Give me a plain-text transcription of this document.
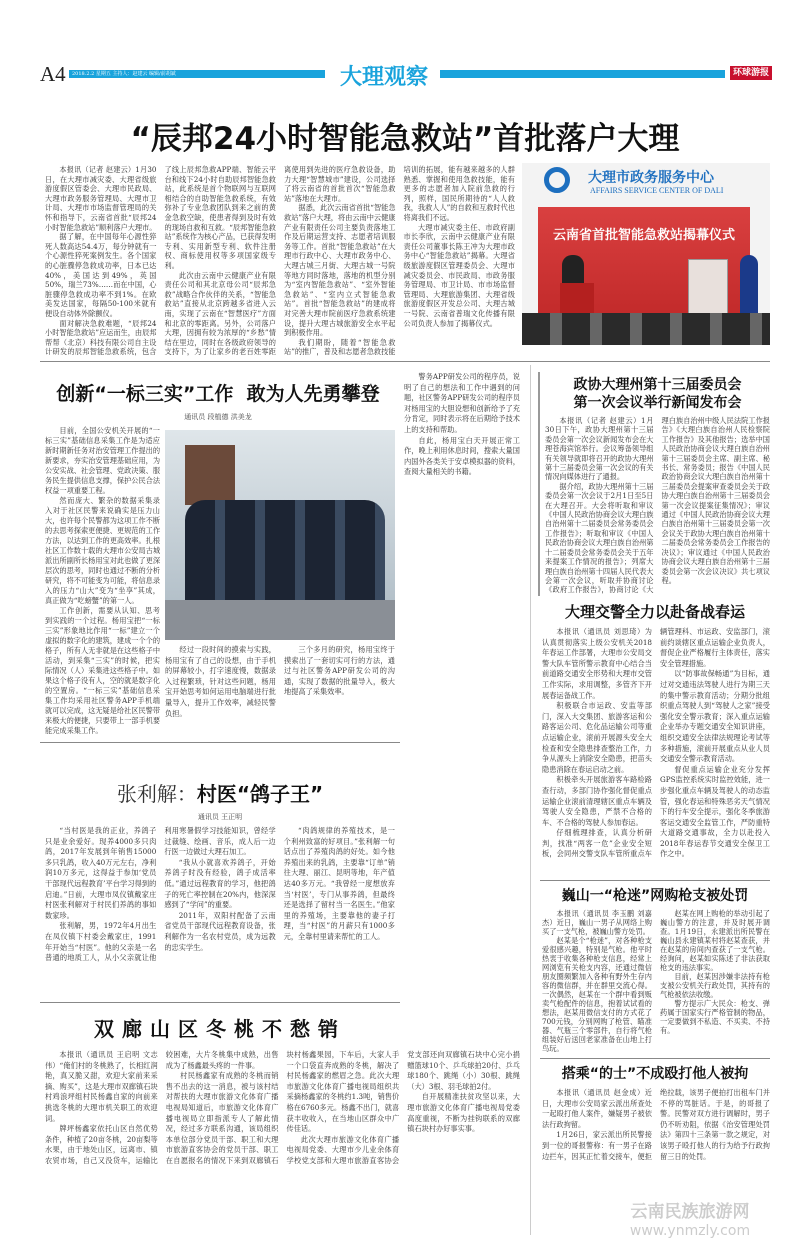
A4 2018.2.2 星期五 主持人：赵建云 编辑/前胡斌	大理观察	环球游报
“辰邦24小时智能急救站”首批落户大理

本报讯（记者 赵建云）1月30日，在大理市减灾委、大理省级旅游度假区管委会、大理市民政局、大理市政务服务管理局、大理市卫计局、大理市市场监督管理局的关怀和指导下，云南省首批“辰邦24小时智能急救站”顺利落户大理市。

据了解，在中国每年心源性猝死人数高达54.4万，每分钟就有一个心源性猝死案例发生。各个国家的心脏骤停急救成功率，日本已达40%，美国达到49%，英国50%，瑞兰73%……而在中国，心脏骤停急救成功率不到1%。在欧美发达国家，每隔50-100米就有便设自动体外除颤仪。

面对解决急救难题，“辰邦24小时智能急救站”应运而生，由辰邦帮帮（北京）科技有限公司自主设计研发的辰邦智能急救系统，包含了线上辰邦急救APP端、智能云平台和线下24小时自助辰邦智能急救站，此系统是首个物联网与互联网相结合的自助智能急救系统，有效弥补了专业急救团队到来之前的黄金急救空缺，使患者得到及时有效的现场自救和互救。“辰邦智能急救站”系统作为核心产品，已获得发明专利、实用新型专利、软件注册权、商标使用权等多项国家级专利。

此次由云南中云健康产业有限责任公司和其北京母公司“辰邦急救”战略合作伙伴的关系，“智能急救站”直接从北京跨越多省进入云南，实现了云南在“智慧医疗”方面和北京的零距离。另外，公司落户大理，因拥有较为浓厚的“乡愁”情结在里边，同时在各级政府领导的支持下，为了让家乡的老百姓零距离使用到先进的医疗急救设备，助力大理“智慧城市”建设，公司选择了将云南省的首批首次“智能急救站”落地在大理市。

据悉，此次云南省首批“智能急救站”落户大理，将由云南中云健康产业有限责任公司主要负责落地工作及后期运营支持、志愿者培训服务等工作。首批“智能急救站”在大理市行政中心、大理市政务中心、大理古城三月街、大理古城一号院等地方同时落地，落地的机型分别为“室内智能急救站”、“室外智能急救站”、“室内立式智能急救站”。首批“智能急救站”的建成将对完善大理市院前医疗急救系统建设，提升大理古城旅游安全水平起到积极作用。

我们期盼，随着“智能急救站”的推广，普及和志愿者急救技能培训的拓展，能有越来越多的人群熟悉、掌握和使用急救技能，能有更多的志愿者加入院前急救的行列，照样，国民所期待的“人人救我，我救人人”的自救和互救时代也将离我们不远。

大理市减灾委主任、市政府副市长李欣，云南中云健康产业有限责任公司董事长陈王冲为大理市政务中心“智能急救站”揭幕。大理省级旅游度假区管理委员会、大理市减灾委员会、市民政局、市政务服务管理局、市卫计局、市市场监督管理局、大理旅游集团、大理省级旅游度假区开发总公司、大理古城一号院、云南省普瑞文化传播有限公司负责人参加了揭幕仪式。

大理市政务服务中心
AFFAIRS SERVICE CENTER OF DALI
云南省首批智能急救站揭幕仪式
创新“一标三实”工作  敢为人先勇攀登
通讯员 段植德 洪美龙

目前，全国公安机关开展的“一标三实”基础信息采集工作是为适应新时期新任务对治安管理工作提出的新要求，夯实治安管理基础应用，为公安实战、社会管理、党政决策、服务民生提供信息支撑，保护公民合法权益一项重要工程。

然而庞大、繁杂的数据采集录入对于社区民警来说确实是压力山大，也许每个民警都为这项工作不断的去思考探索更便捷、更规范的工作方法，以达到工作的更高效率。扎根社区工作数十载的大理市公安局古城派出所副所长杨用宝对此也做了更深层次的思考，同时也通过不断的分析研究，将不可能变为可能，将信息录入的压力“山大”变为“坐享”其成，真正做为“吃螃蟹”的第一人。

工作创新，需要从认知、思考到实践的一个过程。杨用宝把“一标三实”形象地比作用“一标”建立一个虚拟的数字化的建筑，建成一个个的格子，所有人无非就是在这些格子中活动，到采集“三实”的时候，把实际情况（人）采集进这些格子中。如果这个格子没有人，空的就是数字化的空置房。“一标三实”基础信息采集工作均采用社区警务APP手机端就可以完成，这无疑是给社区民警带来极大的便捷，只要带上一部手机要能完成采集工作。

经过一段时间的摸索与实践，杨用宝有了自己的设想，由于手机的屏幕较小，打字速度慢，数据录入过程繁琐，针对这些问题，杨用宝开始思考如何运用电脑端进行批量导入，提升工作效率，减轻民警负担。

三个多月的研究，杨用宝终于摸索出了一套切实可行的方法，通过与社区警务APP研发公司的沟通，实现了数据的批量导入，极大地提高了采集效率。

警务APP研发公司的程序员，说明了自己的想法和工作中遇到的问题，社区警务APP研发公司的程序员对杨用宝的大胆设想和创新给予了充分肯定，同时表示将在后期给予技术上的支持和帮助。

自此，杨用宝白天开展正常工作，晚上利用休息时间，搜索大量国内国外各类关于安卓模拟器的资料，查阅大量相关的书籍。

张利解：村医“鸽子王”
通讯员 王正明

“当村医是我的正业，养鸽子只是业余爱好。现养4000多只肉鸽，2017年发展到年销售15000多只乳鸽，收入40万元左右，净利润10万多元，这得益于参加‘党员干部现代远程教育’平台学习得到的启迪。”日前，大理市凤仪镇戴家庄村医张利解对于村民们养鸽的事如数家珍。

张利解，男，1972年4月出生在凤仪镇下村委会戴家庄，1991年开始当“村医”。他的父亲是一名普通的地质工人，从小父亲就让他利用寒暑假学习技能知识，曾经学过裁缝、绘画、音乐，成人后一边行医一边做过大理石加工。

“我从小就喜欢养鸽子，开始养鸽子时没有经验，鸽子成活率低。”通过远程教育的学习，他把鸽子的死亡率控制在20%内，他深深感到了“学问”的重要。

2011年，双阳村配备了云南省党员干部现代远程教育设备，张利解作为一名农村党员，成为远教的忠实学生。

“肉鸽规律的养殖技术，是一个利州致富的好项目。”张利解一句话点出了养殖肉鸽的好处。如今他养殖出来的乳鸽，主要靠“订单”销往大理、丽江、昆明等地，年产值达40多万元。“我曾经一度想放弃当‘村医’，专门从事养鸽，但最终还是选择了留村当一名医生。”他家里的养殖场，主要靠他的妻子打理，当“村医”的月薪只有1000多元，全靠村里请来帮忙的工人。

双廊山区冬桃不愁销

本报讯（通讯员 王启明 文志伟）“俺们村的冬桃熟了，长相红润艳，真又脆又甜，欢迎大家前来采摘、购买”，这是大理市双廊镇石块村鸡浪坪组村民杨鑫自家的向前来挑选冬桃的大理市机关职工的欢迎词。

牌坪杨鑫家依托山区自然优势条件，种植了20亩冬桃，20亩梨等水果，由于地处山区，远离市、镇农贸市场，自己又没货车，运输比较困难，大片冬桃集中成熟，出售成为了杨鑫最头疼的一件事。

村民杨鑫家有成熟的冬桃而销售不出去的这一消息，被与该村结对帮扶的大理市旅游文化体育广播电视局知道后，市旅游文化体育广播电视局立即指派专人了解此情况，经过多方联系沟通，该局组织本单位部分党员干部、职工和大理市旅游直客协会的党员干部、职工在自愿报名的情况下来到双廊镇石块村杨鑫果园，下车后，大家人手一个口袋直奔成熟的冬桃，解决了村民杨鑫家的燃眉之急。此次大理市旅游文化体育广播电视局组织共采摘杨鑫家的冬桃约1.3吨，销售价格在6760多元。杨鑫不出门，就喜获丰收收入，在当地山区群众中广传佳话。

此次大理市旅游文化体育广播电视局党委、大理市少儿业余体育学校党支部和大理市旅游直客协会党支部还向双廊镇石块中心完小捐赠篮球10个、乒乓球拍20付、乒乓球180个、跳绳（小）30根、跳绳（大）3根、羽毛球拍2付。

自开展精准扶贫攻坚以来，大理市旅游文化体育广播电视局党委高度重视，不断为挂钩联系的双廊镇石块村办好事实事。

政协大理州第十三届委员会
第一次会议举行新闻发布会

本报讯（记者 赵建云）1月30日下午，政协大理州第十三届委员会第一次会议新闻发布会在大理苍海宾馆举行。会议筹备领导组有关领导就即将召开的政协大理州第十三届委员会第一次会议的有关情况向媒体进行了通报。

据介绍，政协大理州第十三届委员会第一次会议于2月1日至5日在大理召开。大会将听取和审议《中国人民政治协商会议大理白族自治州第十二届委员会常务委员会工作报告》；听取和审议《中国人民政治协商会议大理白族自治州第十二届委员会常务委员会关于五年来提案工作情况的报告》；列席大理白族自治州第十四届人民代表大会第一次会议，听取并协商讨论《政府工作报告》，协商讨论《大理白族自治州中级人民法院工作报告》《大理白族自治州人民检察院工作报告》及其他报告；选举中国人民政治协商会议大理白族自治州第十三届委员会主席、副主席、秘书长、常务委员；报告《中国人民政治协商会议大理白族自治州第十三届委员会提案审查委员会关于政协大理白族自治州第十三届委员会第一次会议提案征集情况》；审议通过《中国人民政治协商会议大理白族自治州第十三届委员会第一次会议关于政协大理白族自治州第十二届委员会常务委员会工作报告的决议》；审议通过《中国人民政治协商会议大理白族自治州第十三届委员会第一次会议决议》共七项议程。

大理交警全力以赴备战春运

本报讯（通讯员 刘思琦）为认真贯彻落实上级公安机关2018年春运工作部署，大理市公安局交警大队车管所警示教育中心结合当前道路交通安全形势和大理市交管工作实际，求用调整，多管齐下开展春运备战工作。

积极联合市运政、安监等部门，深入大交集团、旅游客运和公路客运公司、危化品运输公司等重点运输企业，滚前开展源头安全大检查和安全隐患排查整治工作，力争从源头上消除安全隐患，把苗头隐患消除在春运启动之前。

积极牵头开展旅游客车路检路查行动，多部门协作强化督促重点运输企业滚前清理辖区重点车辆及驾驶人安全隐患，严禁不合格的车、不合格的驾驶人参加春运。

仔细梳理排查，认真分析研判，找准“两客一危”企业安全短板，会同州交警支队车管所重点车辆管理科、市运政、安监部门，滚前约谈辖区重点运输企业负责人，督促企业严格履行主体责任，落实安全管理措施。

以“防事故保畅通”为目标，通过对交通违法驾驶人进行为期三天的集中警示教育活动；分期分批组织重点驾驶人到“驾驶人之家”接受强化安全警示教育；深入重点运输企业举办专题交通安全知识讲座，组织交通安全法律法规理论考试等多种措施，滚前开展重点从业人员交通安全警示教育活动。

督促重点运输企业充分发挥GPS监控系统实时监控效能，进一步强化重点车辆及驾驶人的动态监管，强化春运和特殊恶劣天气情况下的行车安全提示，强化冬季旅游客运交通安全监管工作，严防重特大道路交通事故，全力以赴投入2018年春运春节交通安全保卫工作之中。

巍山一“枪迷”网购枪支被处罚

本报讯（通讯员 李玉鹏 刘嘉杰）近日，巍山一男子从网络上购买了一支气枪，被巍山警方处罚。

赵某是个“枪迷”，对各种枪支爱很感兴趣，特别是气枪。他平时热衷于收集各种枪支信息，经常上网浏览有关枪支内容，还通过微信朋友圈频繁加入各种有野外生存内容的微信群，并在群里交流心得。一次偶然，赵某在一个群中看到贩卖气枪配件的信息，抱着试试看的想法，赵某用微信支付的方式花了700元钱，分别网购了枪管、瞄准器、气瓶三个零部件，自行将气枪组装好后送回老家准备在山地上打鸟玩。

赵某在网上购枪的举动引起了巍山警方的注意，并及时展开调查。1月19日，永建派出所民警在巍山县永建镇某村将赵某查获，并在赵某的房间内查获了一支气枪。经询问，赵某如实陈述了非法获取枪支的违法事实。

目前，赵某因涉嫌非法持有枪支被公安机关行政处罚，其持有的气枪被依法收缴。

警方提示广大民众：枪支、弹药属于国家实行严格管制的物品，一定要做到不私造、不买卖、不持有。

搭乘“的士”不成殴打他人被拘

本报讯（通讯员 赵金成）近日，大理市公安局家云派出所查处一起殴打他人案件，嫌疑男子被依法行政拘留。

1月26日，家云派出所民警接到一位的哥报警称：有一男子在路边拦车，因其正忙着交接车，便拒绝拉载，该男子便拍打出租车门并不停的骂脏话。于是，的哥报了警。民警对双方进行调解时，男子仍不听劝阻，依据《治安管理处罚法》第四十三条第一款之规定，对该男子殴打他人的行为给予行政拘留三日的处罚。

云南民族旅游网
www.ynmzly.com
